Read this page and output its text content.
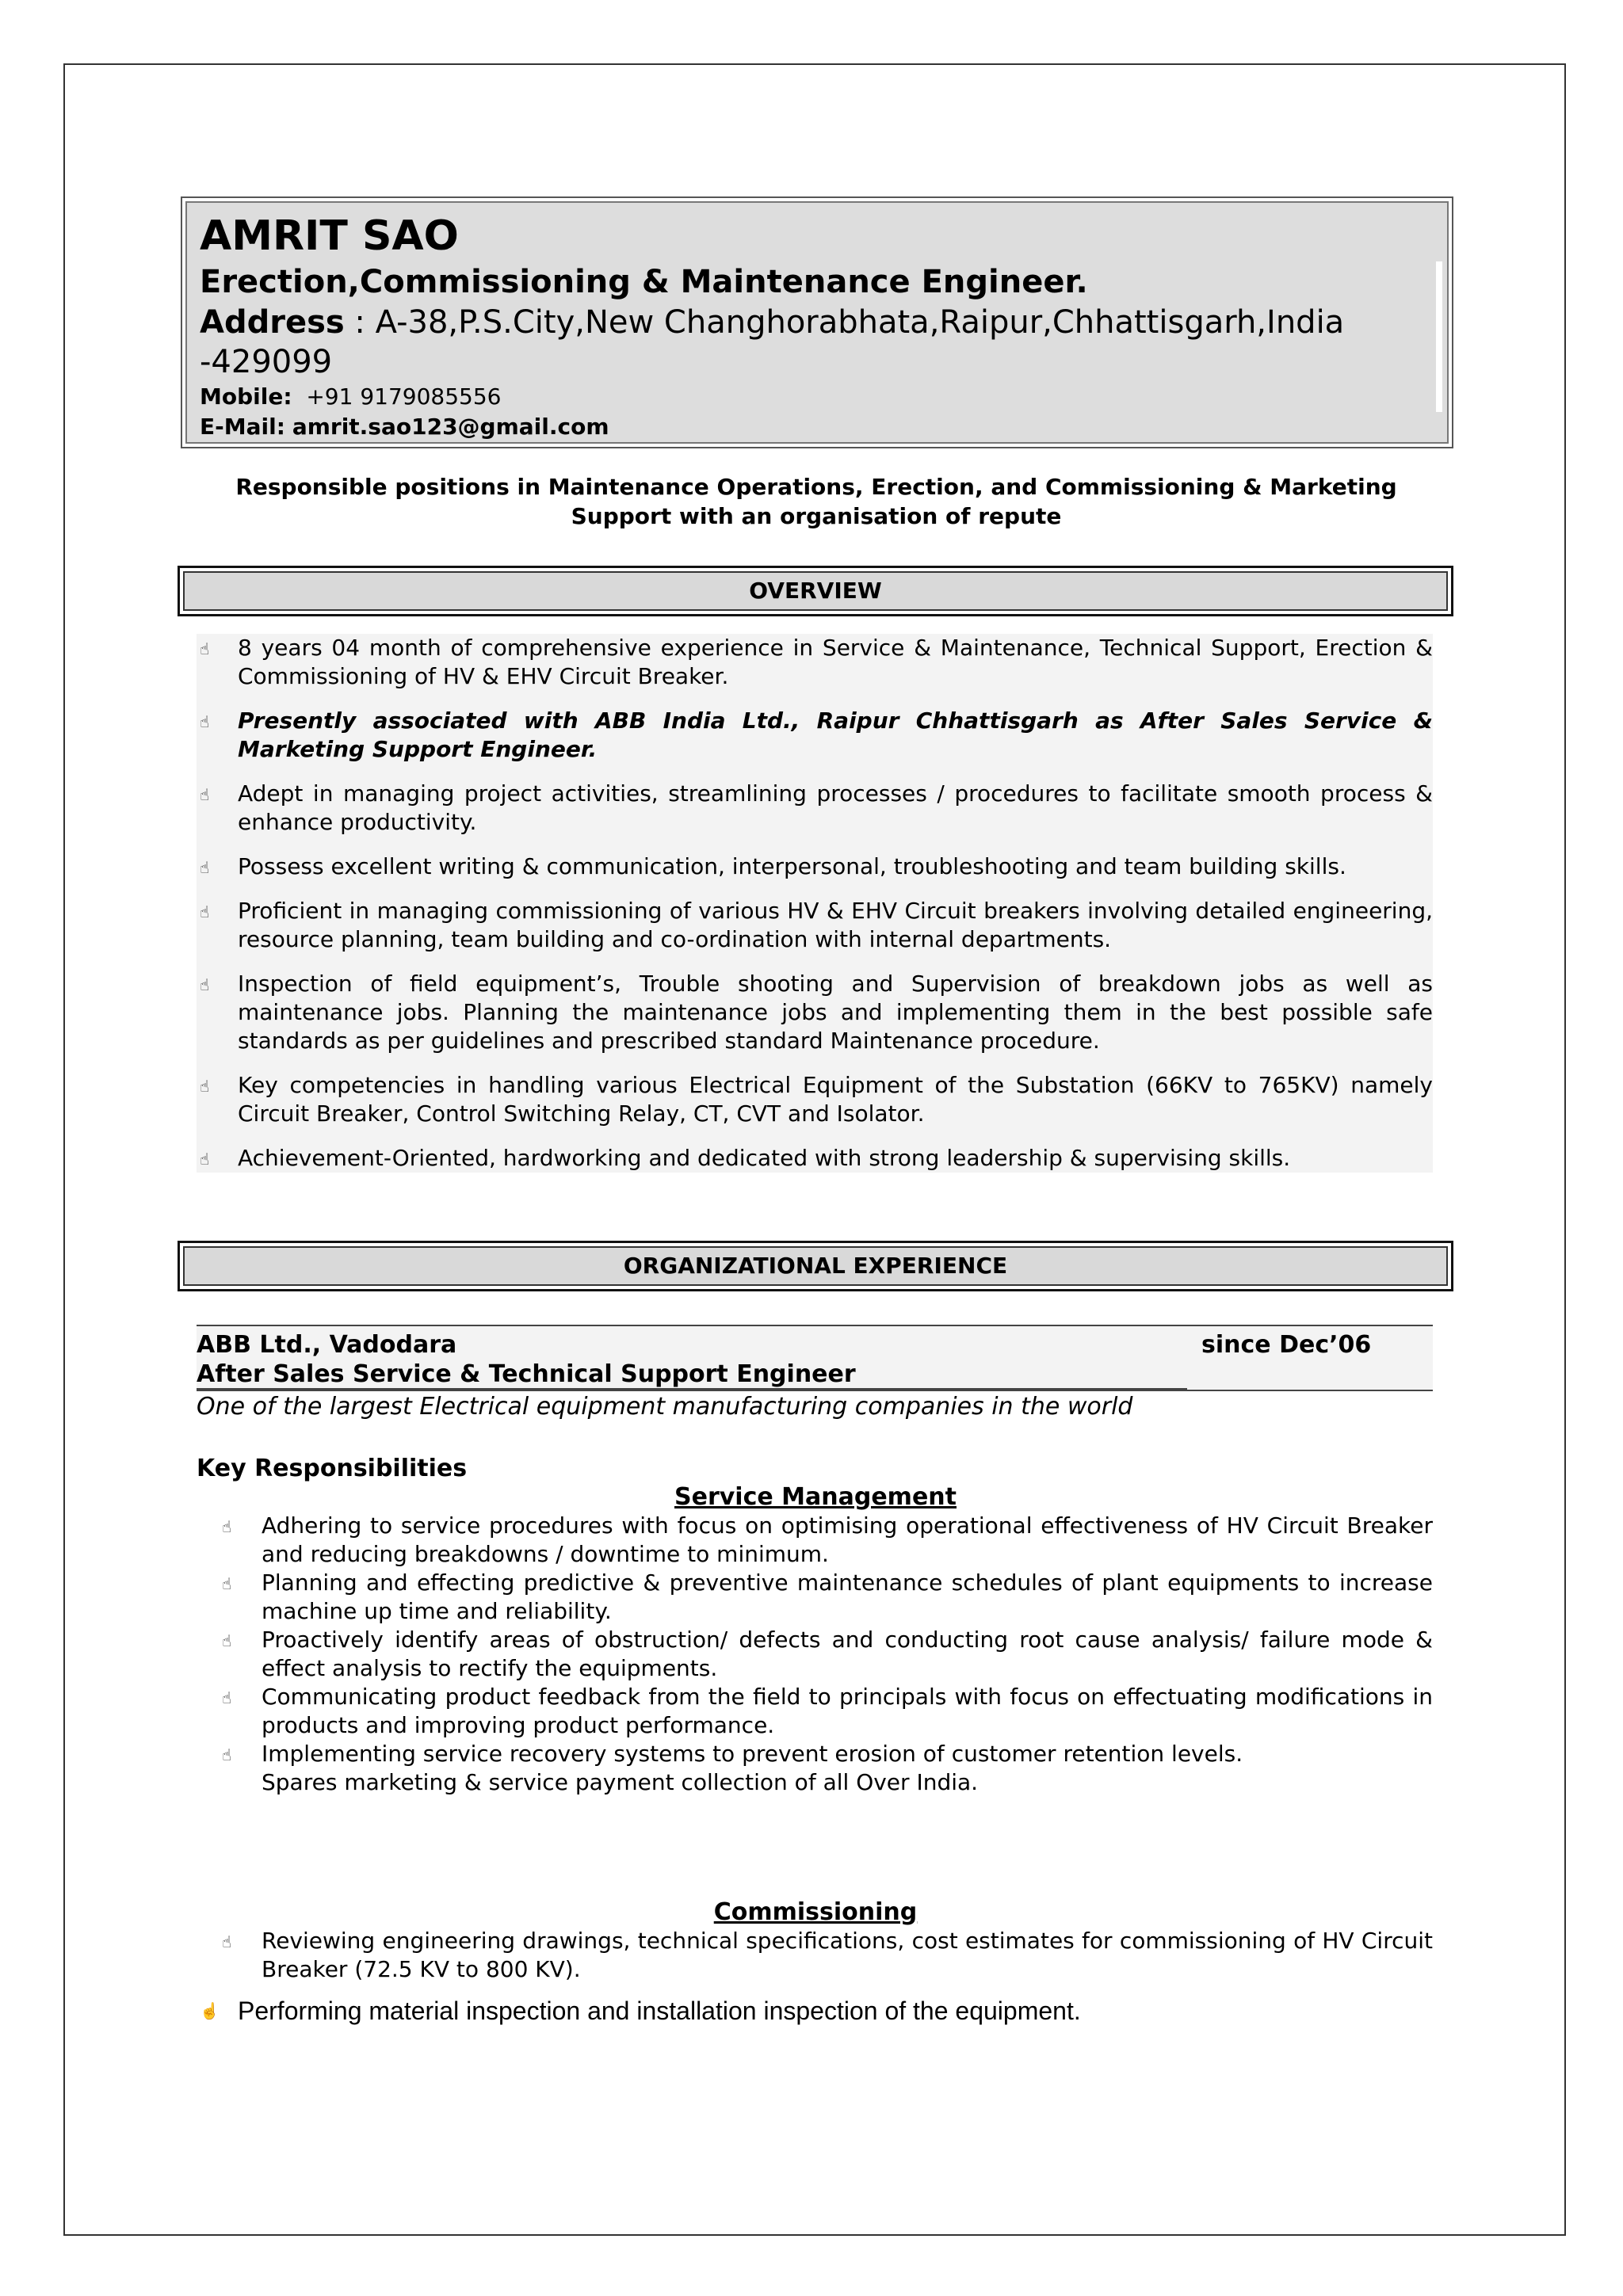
AMRIT SAO
Erection,Commissioning & Maintenance Engineer.
Address : A-38,P.S.City,New Changhorabhata,Raipur,Chhattisgarh,India
-429099
Mobile: +91 9179085556
E-Mail: amrit.sao123@gmail.com
Responsible positions in Maintenance Operations, Erection, and Commissioning & Marketing
Support with an organisation of repute
OVERVIEW
☝ 8 years 04 month of comprehensive experience in Service & Maintenance, Technical Support, Erection & Commissioning of HV & EHV Circuit Breaker.
☝ Presently associated with ABB India Ltd., Raipur Chhattisgarh as After Sales Service & Marketing Support Engineer.
☝ Adept in managing project activities, streamlining processes / procedures to facilitate smooth process & enhance productivity.
☝ Possess excellent writing & communication, interpersonal, troubleshooting and team building skills.
☝ Proficient in managing commissioning of various HV & EHV Circuit breakers involving detailed engineering, resource planning, team building and co-ordination with internal departments.
☝ Inspection of field equipment’s, Trouble shooting and Supervision of breakdown jobs as well as maintenance jobs. Planning the maintenance jobs and implementing them in the best possible safe standards as per guidelines and prescribed standard Maintenance procedure.
☝ Key competencies in handling various Electrical Equipment of the Substation (66KV to 765KV) namely Circuit Breaker, Control Switching Relay, CT, CVT and Isolator.
☝ Achievement-Oriented, hardworking and dedicated with strong leadership & supervising skills.
ORGANIZATIONAL EXPERIENCE
ABB Ltd., Vadodara	since Dec’06
After Sales Service & Technical Support Engineer
One of the largest Electrical equipment manufacturing companies in the world
Key Responsibilities
Service Management
☝ Adhering to service procedures with focus on optimising operational effectiveness of HV Circuit Breaker and reducing breakdowns / downtime to minimum.
☝ Planning and effecting predictive & preventive maintenance schedules of plant equipments to increase machine up time and reliability.
☝ Proactively identify areas of obstruction/ defects and conducting root cause analysis/ failure mode & effect analysis to rectify the equipments.
☝ Communicating product feedback from the field to principals with focus on effectuating modifications in products and improving product performance.
☝ Implementing service recovery systems to prevent erosion of customer retention levels.
Spares marketing & service payment collection of all Over India.
Commissioning
☝ Reviewing engineering drawings, technical specifications, cost estimates for commissioning of HV Circuit Breaker (72.5 KV to 800 KV).
☝ Performing material inspection and installation inspection of the equipment.
